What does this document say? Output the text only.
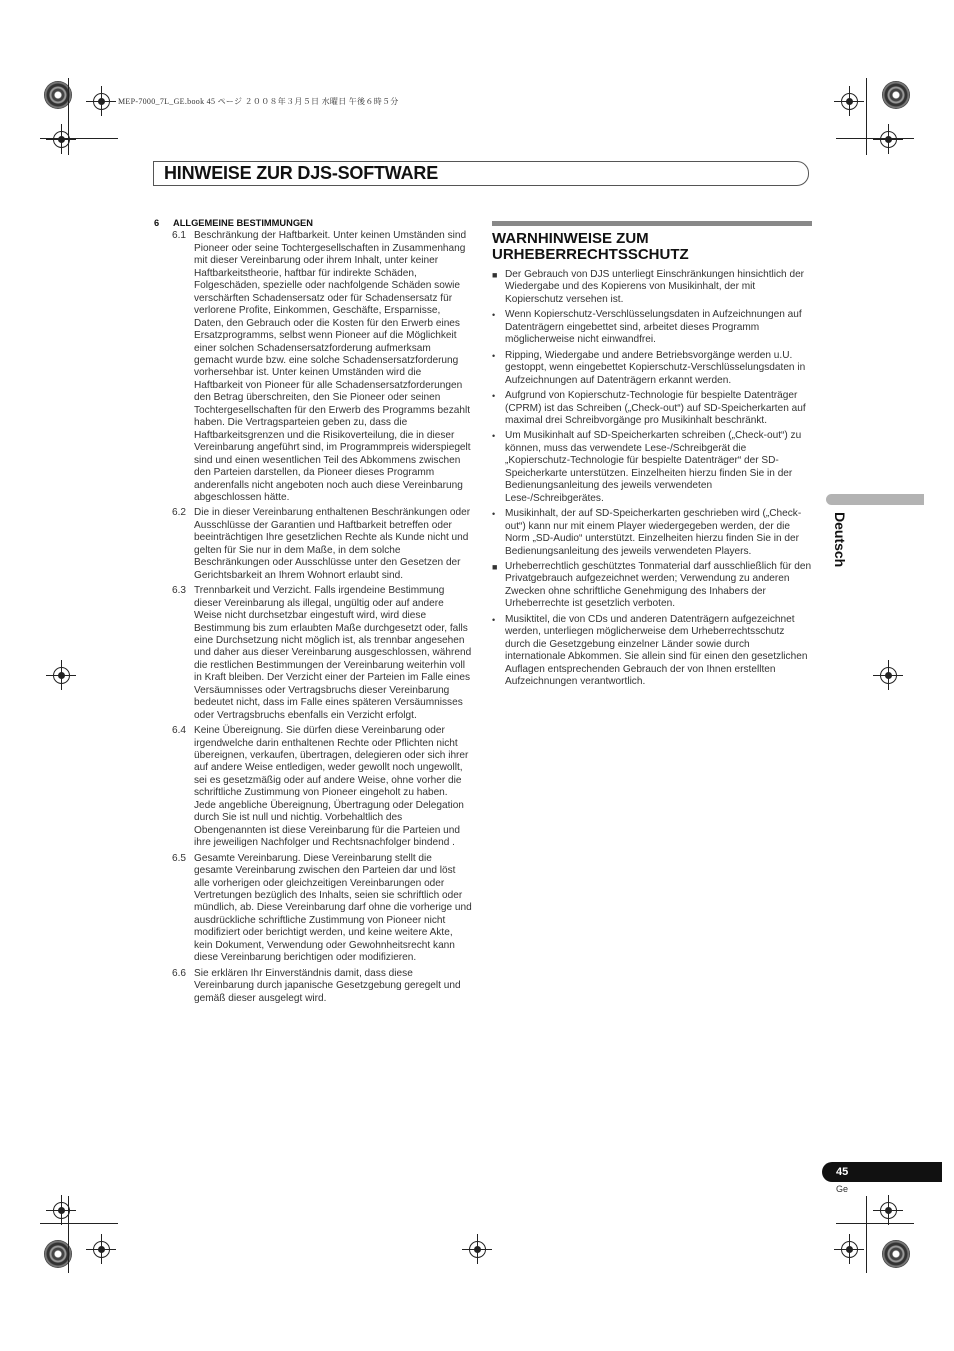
MEP-7000_7L_GE.book 45 ページ ２００８年３月５日 水曜日 午後６時５分
HINWEISE ZUR DJS-SOFTWARE
6 ALLGEMEINE BESTIMMUNGEN
6.1 Beschränkung der Haftbarkeit. Unter keinen Umständen sind Pioneer oder seine Tochtergesellschaften in Zusammenhang mit dieser Vereinbarung oder ihrem Inhalt, unter keiner Haftbarkeitstheorie, haftbar für indirekte Schäden, Folgeschäden, spezielle oder nachfolgende Schäden sowie verschärften Schadensersatz oder für Schadensersatz für verlorene Profite, Einkommen, Geschäfte, Ersparnisse, Daten, den Gebrauch oder die Kosten für den Erwerb eines Ersatzprogramms, selbst wenn Pioneer auf die Möglichkeit einer solchen Schadensersatzforderung aufmerksam gemacht wurde bzw. eine solche Schadensersatzforderung vorhersehbar ist. Unter keinen Umständen wird die Haftbarkeit von Pioneer für alle Schadensersatzforderungen den Betrag überschreiten, den Sie Pioneer oder seinen Tochtergesellschaften für den Erwerb des Programms bezahlt haben. Die Vertragsparteien geben zu, dass die Haftbarkeitsgrenzen und die Risikoverteilung, die in dieser Vereinbarung angeführt sind, im Programmpreis widerspiegelt sind und einen wesentlichen Teil des Abkommens zwischen den Parteien darstellen, da Pioneer dieses Programm anderenfalls nicht angeboten noch auch diese Vereinbarung abgeschlossen hätte.
6.2 Die in dieser Vereinbarung enthaltenen Beschränkungen oder Ausschlüsse der Garantien und Haftbarkeit betreffen oder beeinträchtigen Ihre gesetzlichen Rechte als Kunde nicht und gelten für Sie nur in dem Maße, in dem solche Beschränkungen oder Ausschlüsse unter den Gesetzen der Gerichtsbarkeit an Ihrem Wohnort erlaubt sind.
6.3 Trennbarkeit und Verzicht. Falls irgendeine Bestimmung dieser Vereinbarung als illegal, ungültig oder auf andere Weise nicht durchsetzbar eingestuft wird, wird diese Bestimmung bis zum erlaubten Maße durchgesetzt oder, falls eine Durchsetzung nicht möglich ist, als trennbar angesehen und daher aus dieser Vereinbarung ausgeschlossen, während die restlichen Bestimmungen der Vereinbarung weiterhin voll in Kraft bleiben. Der Verzicht einer der Parteien im Falle eines Versäumnisses oder Vertragsbruchs dieser Vereinbarung bedeutet nicht, dass im Falle eines späteren Versäumnisses oder Vertragsbruchs ebenfalls ein Verzicht erfolgt.
6.4 Keine Übereignung. Sie dürfen diese Vereinbarung oder irgendwelche darin enthaltenen Rechte oder Pflichten nicht übereignen, verkaufen, übertragen, delegieren oder sich ihrer auf andere Weise entledigen, weder gewollt noch ungewollt, sei es gesetzmäßig oder auf andere Weise, ohne vorher die schriftliche Zustimmung von Pioneer eingeholt zu haben. Jede angebliche Übereignung, Übertragung oder Delegation durch Sie ist null und nichtig. Vorbehaltlich des Obengenannten ist diese Vereinbarung für die Parteien und ihre jeweiligen Nachfolger und Rechtsnachfolger bindend .
6.5 Gesamte Vereinbarung. Diese Vereinbarung stellt die gesamte Vereinbarung zwischen den Parteien dar und löst alle vorherigen oder gleichzeitigen Vereinbarungen oder Vertretungen bezüglich des Inhalts, seien sie schriftlich oder mündlich, ab. Diese Vereinbarung darf ohne die vorherige und ausdrückliche schriftliche Zustimmung von Pioneer nicht modifiziert oder berichtigt werden, und keine weitere Akte, kein Dokument, Verwendung oder Gewohnheitsrecht kann diese Vereinbarung berichtigen oder modifizieren.
6.6 Sie erklären Ihr Einverständnis damit, dass diese Vereinbarung durch japanische Gesetzgebung geregelt und gemäß dieser ausgelegt wird.
WARNHINWEISE ZUM
URHEBERRECHTSSCHUTZ
■ Der Gebrauch von DJS unterliegt Einschränkungen hinsichtlich der Wiedergabe und des Kopierens von Musikinhalt, der mit Kopierschutz versehen ist.
• Wenn Kopierschutz-Verschlüsselungsdaten in Aufzeichnungen auf Datenträgern eingebettet sind, arbeitet dieses Programm möglicherweise nicht einwandfrei.
• Ripping, Wiedergabe und andere Betriebsvorgänge werden u.U. gestoppt, wenn eingebettet Kopierschutz-Verschlüsselungsdaten in Aufzeichnungen auf Datenträgern erkannt werden.
• Aufgrund von Kopierschutz-Technologie für bespielte Datenträger (CPRM) ist das Schreiben („Check-out“) auf SD-Speicherkarten auf maximal drei Schreibvorgänge pro Musikinhalt beschränkt.
• Um Musikinhalt auf SD-Speicherkarten schreiben („Check-out“) zu können, muss das verwendete Lese-/Schreibgerät die „Kopierschutz-Technologie für bespielte Datenträger“ der SD-Speicherkarte unterstützen. Einzelheiten hierzu finden Sie in der Bedienungsanleitung des jeweils verwendeten Lese-/Schreibgerätes.
• Musikinhalt, der auf SD-Speicherkarten geschrieben wird („Check-out“) kann nur mit einem Player wiedergegeben werden, der die Norm „SD-Audio“ unterstützt. Einzelheiten hierzu finden Sie in der Bedienungsanleitung des jeweils verwendeten Players.
■ Urheberrechtlich geschütztes Tonmaterial darf ausschließlich für den Privatgebrauch aufgezeichnet werden; Verwendung zu anderen Zwecken ohne schriftliche Genehmigung des Inhabers der Urheberrechte ist gesetzlich verboten.
• Musiktitel, die von CDs und anderen Datenträgern aufgezeichnet werden, unterliegen möglicherweise dem Urheberrechtsschutz durch die Gesetzgebung einzelner Länder sowie durch internationale Abkommen. Sie allein sind für einen den gesetzlichen Auflagen entsprechenden Gebrauch der von Ihnen erstellten Aufzeichnungen verantwortlich.
Deutsch
45
Ge
